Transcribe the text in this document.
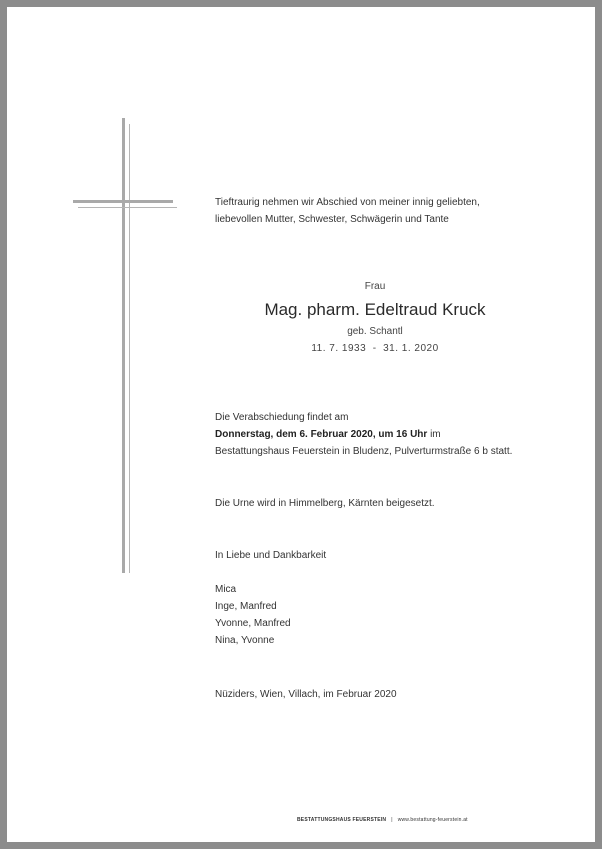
Tieftraurig nehmen wir Abschied von meiner innig geliebten,
liebevollen Mutter, Schwester, Schwägerin und Tante

Frau

Mag. pharm. Edeltraud Kruck

geb. Schantl

11. 7. 1933  -  31. 1. 2020

Die Verabschiedung findet am
Donnerstag, dem 6. Februar 2020, um 16 Uhr im
Bestattungshaus Feuerstein in Bludenz, Pulverturmstraße 6 b statt.

Die Urne wird in Himmelberg, Kärnten beigesetzt.

In Liebe und Dankbarkeit

Mica
Inge, Manfred
Yvonne, Manfred
Nina, Yvonne

Nüziders, Wien, Villach, im Februar 2020

BESTATTUNGSHAUS FEUERSTEIN | www.bestattung-feuerstein.at
